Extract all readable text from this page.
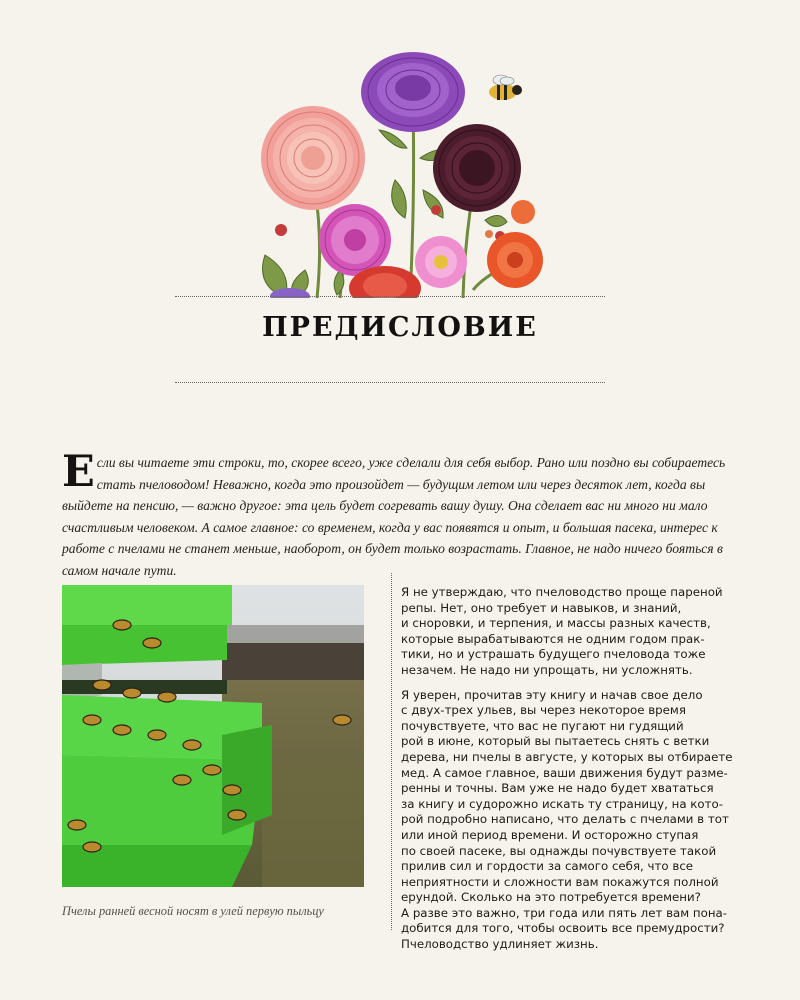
ПРЕДИСЛОВИЕ

Если вы читаете эти строки, то, скорее всего, уже сделали для себя выбор. Рано или поздно вы собираетесь стать пчеловодом! Неважно, когда это произойдет — будущим летом или через десяток лет, когда вы выйдете на пенсию, — важно другое: эта цель будет согревать вашу душу. Она сделает вас ни много ни мало счастливым человеком. А самое главное: со временем, когда у вас появятся и опыт, и большая пасека, интерес к работе с пчелами не станет меньше, наоборот, он будет только возрастать. Главное, не надо ничего бояться в самом начале пути.

Пчелы ранней весной носят в улей первую пыльцу

Я не утверждаю, что пчеловодство проще пареной
репы. Нет, оно требует и навыков, и знаний,
и сноровки, и терпения, и массы разных качеств,
которые вырабатываются не одним годом прак-
тики, но и устрашать будущего пчеловода тоже
незачем. Не надо ни упрощать, ни усложнять.

Я уверен, прочитав эту книгу и начав свое дело
с двух-трех ульев, вы через некоторое время
почувствуете, что вас не пугают ни гудящий
рой в июне, который вы пытаетесь снять с ветки
дерева, ни пчелы в августе, у которых вы отбираете
мед. А самое главное, ваши движения будут разме-
ренны и точны. Вам уже не надо будет хвататься
за книгу и судорожно искать ту страницу, на кото-
рой подробно написано, что делать с пчелами в тот
или иной период времени. И осторожно ступая
по своей пасеке, вы однажды почувствуете такой
прилив сил и гордости за самого себя, что все
неприятности и сложности вам покажутся полной
ерундой. Сколько на это потребуется времени?
А разве это важно, три года или пять лет вам пона-
добится для того, чтобы освоить все премудрости?
Пчеловодство удлиняет жизнь.
